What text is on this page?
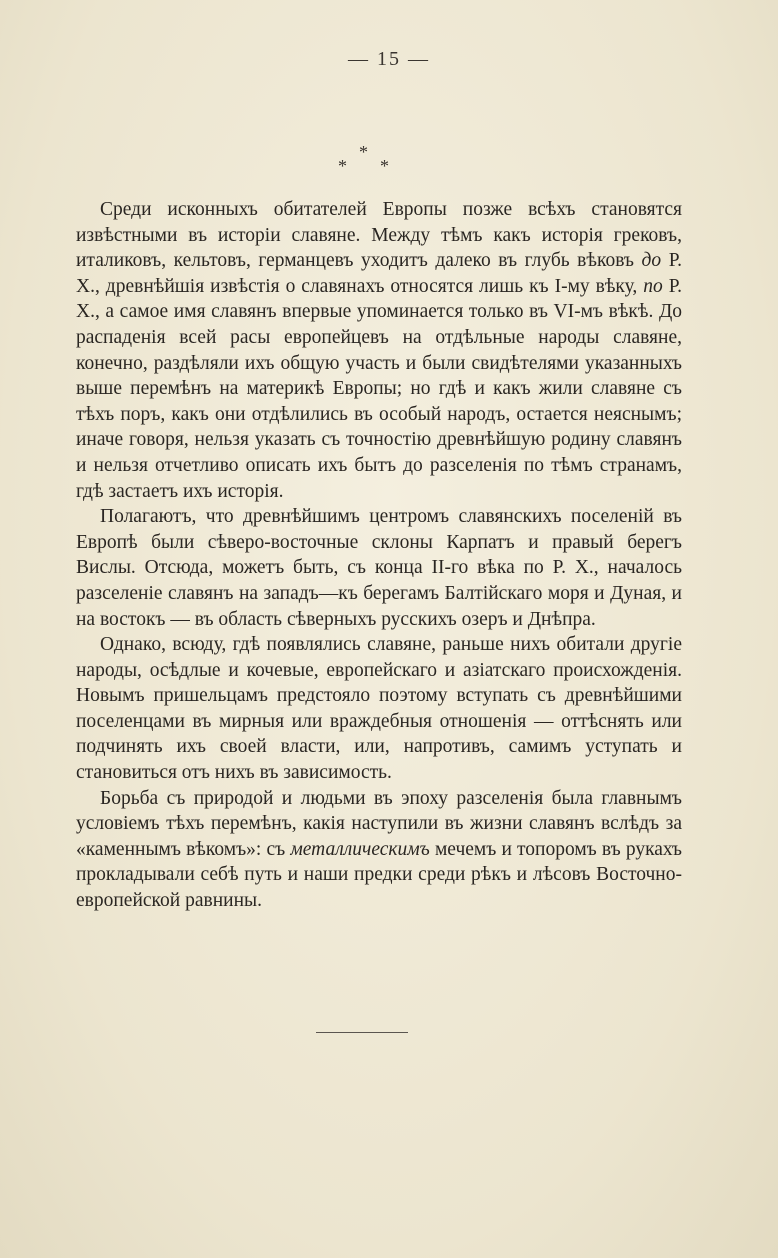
— 15 —
*
* *

Среди исконныхъ обитателей Европы позже всѣхъ становятся извѣстными въ исторіи славяне. Между тѣмъ какъ исторія грековъ, италиковъ, кельтовъ, германцевъ уходитъ далеко въ глубь вѣковъ до Р. Х., древнѣйшія извѣстія о славянахъ относятся лишь къ I-му вѣку, по Р. Х., а самое имя славянъ впервые упоминается только въ VI-мъ вѣкѣ. До распаденія всей расы европейцевъ на отдѣльные народы славяне, конечно, раздѣляли ихъ общую участь и были свидѣтелями указанныхъ выше перемѣнъ на материкѣ Европы; но гдѣ и какъ жили славяне съ тѣхъ поръ, какъ они отдѣлились въ особый народъ, остается неяснымъ; иначе говоря, нельзя указать съ точностію древнѣйшую родину славянъ и нельзя отчетливо описать ихъ бытъ до разселенія по тѣмъ странамъ, гдѣ застаетъ ихъ исторія.

Полагаютъ, что древнѣйшимъ центромъ славянскихъ поселеній въ Европѣ были сѣверо-восточные склоны Карпатъ и правый берегъ Вислы. Отсюда, можетъ быть, съ конца II-го вѣка по Р. Х., началось разселеніе славянъ на западъ—къ берегамъ Балтійскаго моря и Дуная, и на востокъ — въ область сѣверныхъ русскихъ озеръ и Днѣпра.

Однако, всюду, гдѣ появлялись славяне, раньше нихъ обитали другіе народы, осѣдлые и кочевые, европейскаго и азіатскаго происхожденія. Новымъ пришельцамъ предстояло поэтому вступать съ древнѣйшими поселенцами въ мирныя или враждебныя отношенія — оттѣснять или подчинять ихъ своей власти, или, напротивъ, самимъ уступать и становиться отъ нихъ въ зависимость.

Борьба съ природой и людьми въ эпоху разселенія была главнымъ условіемъ тѣхъ перемѣнъ, какія наступили въ жизни славянъ вслѣдъ за «каменнымъ вѣкомъ»: съ металлическимъ мечемъ и топоромъ въ рукахъ прокладывали себѣ путь и наши предки среди рѣкъ и лѣсовъ Восточно-европейской равнины.
